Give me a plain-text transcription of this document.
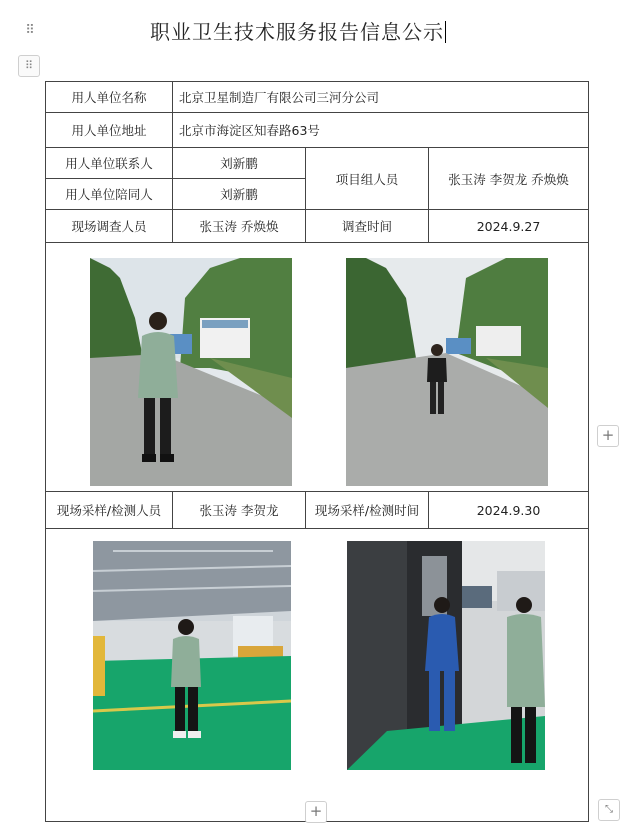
⠿	职业卫生技术服务报告信息公示
⠿
用人单位名称	北京卫星制造厂有限公司三河分公司		
用人单位地址	北京市海淀区知春路63号		
用人单位联系人	刘新鹏	项目组人员	张玉涛 李贺龙 乔焕焕
用人单位陪同人	刘新鹏		
现场调查人员	张玉涛 乔焕焕	调查时间	2024.9.27

现场采样/检测人员	张玉涛 李贺龙	现场采样/检测时间	2024.9.30

+
+	⤡
